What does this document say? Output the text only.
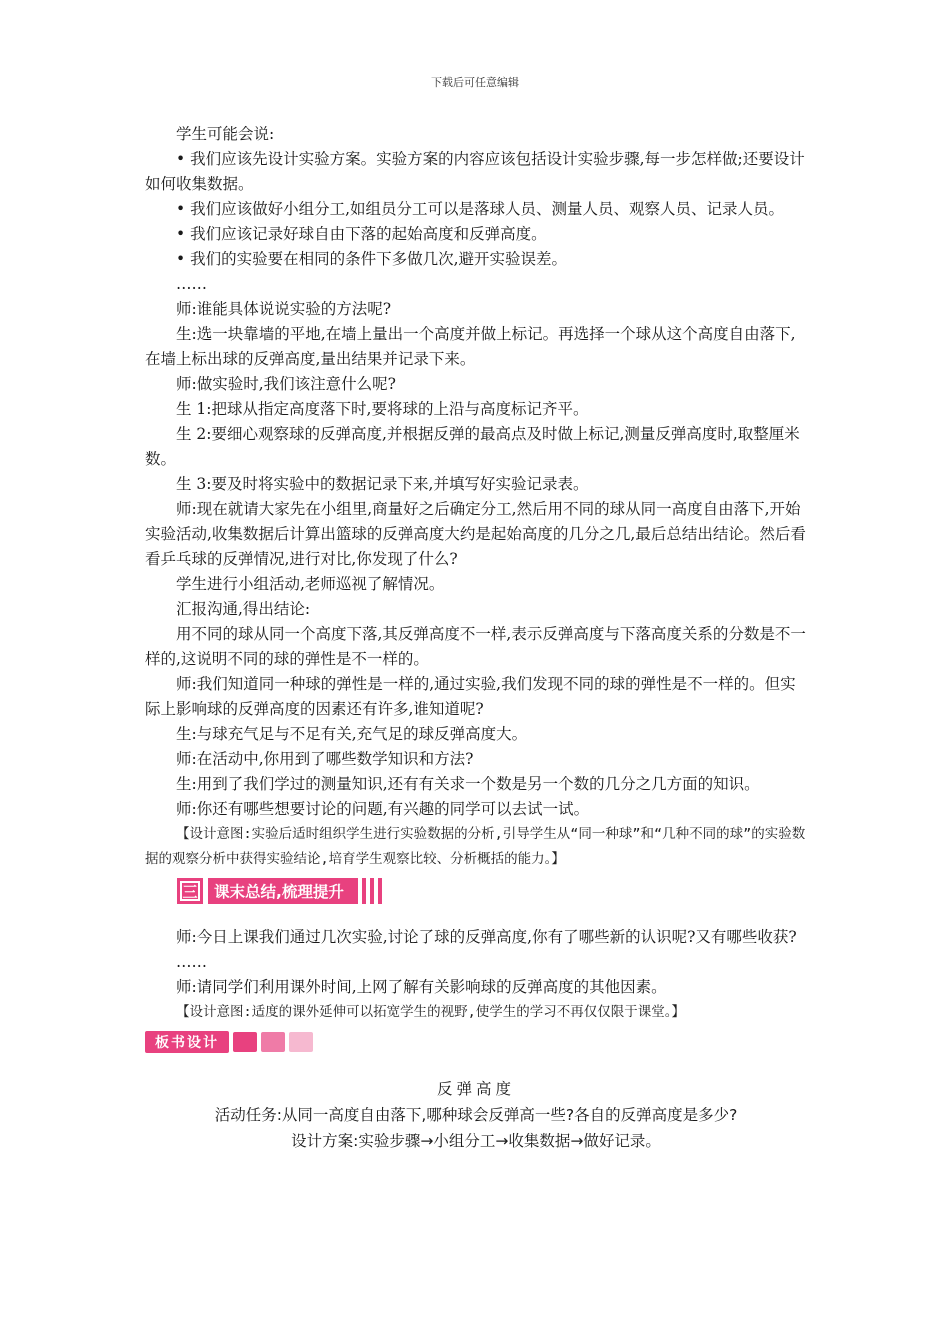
下载后可任意编辑

学生可能会说:

• 我们应该先设计实验方案。实验方案的内容应该包括设计实验步骤,每一步怎样做;还要设计如何收集数据。

• 我们应该做好小组分工,如组员分工可以是落球人员、测量人员、观察人员、记录人员。

• 我们应该记录好球自由下落的起始高度和反弹高度。

• 我们的实验要在相同的条件下多做几次,避开实验误差。

……

师:谁能具体说说实验的方法呢?

生:选一块靠墙的平地,在墙上量出一个高度并做上标记。再选择一个球从这个高度自由落下,在墙上标出球的反弹高度,量出结果并记录下来。

师:做实验时,我们该注意什么呢?

生 1:把球从指定高度落下时,要将球的上沿与高度标记齐平。

生 2:要细心观察球的反弹高度,并根据反弹的最高点及时做上标记,测量反弹高度时,取整厘米数。

生 3:要及时将实验中的数据记录下来,并填写好实验记录表。

师:现在就请大家先在小组里,商量好之后确定分工,然后用不同的球从同一高度自由落下,开始实验活动,收集数据后计算出篮球的反弹高度大约是起始高度的几分之几,最后总结出结论。然后看看乒乓球的反弹情况,进行对比,你发现了什么?

学生进行小组活动,老师巡视了解情况。

汇报沟通,得出结论:

用不同的球从同一个高度下落,其反弹高度不一样,表示反弹高度与下落高度关系的分数是不一样的,这说明不同的球的弹性是不一样的。

师:我们知道同一种球的弹性是一样的,通过实验,我们发现不同的球的弹性是不一样的。但实际上影响球的反弹高度的因素还有许多,谁知道呢?

生:与球充气足与不足有关,充气足的球反弹高度大。

师:在活动中,你用到了哪些数学知识和方法?

生:用到了我们学过的测量知识,还有有关求一个数是另一个数的几分之几方面的知识。

师:你还有哪些想要讨论的问题,有兴趣的同学可以去试一试。

【设计意图:实验后适时组织学生进行实验数据的分析,引导学生从“同一种球”和“几种不同的球”的实验数据的观察分析中获得实验结论,培育学生观察比较、分析概括的能力。】

三	课末总结,梳理提升

师:今日上课我们通过几次实验,讨论了球的反弹高度,你有了哪些新的认识呢?又有哪些收获?

……

师:请同学们利用课外时间,上网了解有关影响球的反弹高度的其他因素。

【设计意图:适度的课外延伸可以拓宽学生的视野,使学生的学习不再仅仅限于课堂。】

板书设计
反弹高度
活动任务:从同一高度自由落下,哪种球会反弹高一些?各自的反弹高度是多少?
设计方案:实验步骤→小组分工→收集数据→做好记录。
